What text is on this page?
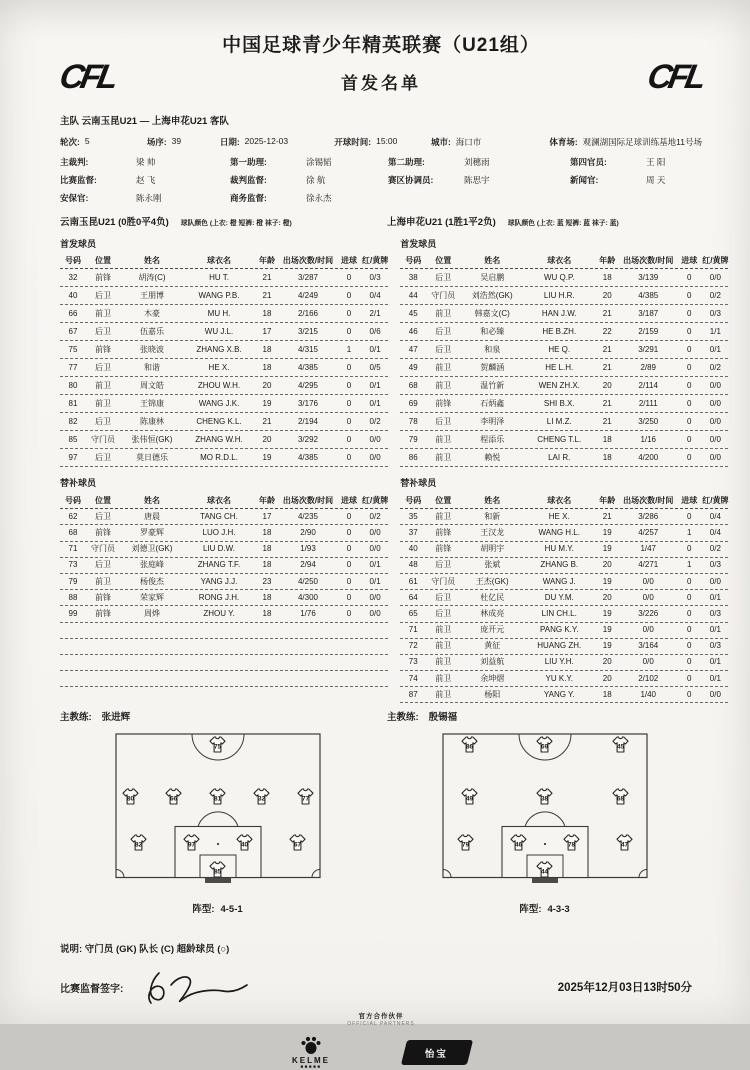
CFL
中国足球青少年精英联赛（U21组）
首发名单	CFL
主队 云南玉昆U21 — 上海申花U21 客队
轮次: 5	场序: 39	日期: 2025-12-03	开球时间: 15:00	城市: 海口市	体育场: 观澜湖国际足球训练基地11号场
主裁判:	梁 帅	第一助理:	涂锡韬	第二助理:	刘穗雨	第四官员:	王 阳
比赛监督:	赵 飞	裁判监督:	徐 航	赛区协调员:	陈思宇	新闻官:	周 天
安保官:	陈永刚	商务监督:	徐永杰
云南玉昆U21 (0胜0平4负) 球队颜色 (上衣: 橙 短裤: 橙 袜子: 橙)	上海申花U21 (1胜1平2负) 球队颜色 (上衣: 蓝 短裤: 蓝 袜子: 蓝)
首发球员
号码	位置	姓名	球衣名	年龄 出场次数/时间 进球 红/黄牌
32	前锋	胡涛(C)	HU T.	21	3/287	0	0/3
40	后卫	王朋博	WANG P.B.	21	4/249	0	0/4
66	前卫	木豪	MU H.	18	2/166	0	2/1
67	后卫	伍嘉乐	WU J.L.	17	3/215	0	0/6
75	前锋	张晓波	ZHANG X.B.	18	4/315	1	0/1
77	后卫	和谐	HE X.	18	4/385	0	0/5
80	前卫	周文皓	ZHOU W.H.	20	4/295	0	0/1
81	前卫	王锦康	WANG J.K.	19	3/176	0	0/1
82	后卫	陈康林	CHENG K.L.	21	2/194	0	0/2
85	守门员	张伟恒(GK)	ZHANG W.H.	20	3/292	0	0/0
97	后卫	莫日德乐	MO R.D.L.	19	4/385	0	0/0
首发球员
号码	位置	姓名	球衣名	年龄 出场次数/时间 进球 红/黄牌
38	后卫	吴启鹏	WU Q.P.	18	3/139	0	0/0
44	守门员	刘浩然(GK)	LIU H.R.	20	4/385	0	0/2
45	前卫	韩嘉文(C)	HAN J.W.	21	3/187	0	0/3
46	后卫	和必臻	HE B.ZH.	22	2/159	0	1/1
47	后卫	和泉	HE Q.	21	3/291	0	0/1
49	前卫	贺麟涵	HE L.H.	21	2/89	0	0/2
68	前卫	温竹新	WEN ZH.X.	20	2/114	0	0/0
69	前锋	石炳鑫	SHI B.X.	21	2/111	0	0/0
78	后卫	李明泽	LI M.Z.	21	3/250	0	0/0
79	前卫	程添乐	CHENG T.L.	18	1/16	0	0/0
86	前卫	赖悦	LAI R.	18	4/200	0	0/0
替补球员
号码	位置	姓名	球衣名	年龄 出场次数/时间 进球 红/黄牌
62	后卫	唐晨	TANG CH.	17	4/235	0	0/2
68	前锋	罗豪辉	LUO J.H.	18	2/90	0	0/0
71	守门员	刘德卫(GK)	LIU D.W.	18	1/93	0	0/0
73	后卫	张庭峰	ZHANG T.F.	18	2/94	0	0/1
79	前卫	杨俊杰	YANG J.J.	23	4/250	0	0/1
88	前锋	荣家辉	RONG J.H.	18	4/300	0	0/0
99	前锋	周烨	ZHOU Y.	18	1/76	0	0/0
替补球员
号码	位置	姓名	球衣名	年龄 出场次数/时间 进球 红/黄牌
35	前卫	和新	HE X.	21	3/286	0	0/4
37	前锋	王汉龙	WANG H.L.	19	4/257	1	0/4
40	前锋	胡明宇	HU M.Y.	19	1/47	0	0/2
48	后卫	张斌	ZHANG B.	20	4/271	1	0/3
61	守门员	王杰(GK)	WANG J.	19	0/0	0	0/0
64	后卫	杜亿民	DU Y.M.	20	0/0	0	0/1
65	后卫	林成亮	LIN CH.L.	19	3/226	0	0/3
71	前卫	庞开元	PANG K.Y.	19	0/0	0	0/1
72	前卫	黄征	HUANG ZH.	19	3/164	0	0/3
73	前卫	刘益航	LIU Y.H.	20	0/0	0	0/1
74	前卫	余坤熠	YU K.Y.	20	2/102	0	0/1
87	前卫	杨阳	YANG Y.	18	1/40	0	0/0
主教练: 张进辉	主教练: 殷锡福
75
80	66	81	32	77
82	97	40	67
85
阵型: 4-5-1
86	69	45
49	38	68
79	46	78	47
44
阵型: 4-3-3
说明: 守门员 (GK) 队长 (C) 超龄球员 (○)
比赛监督签字:	2025年12月03日13时50分
官方合作伙伴
OFFICIAL PARTNERS
KELME
■■■■■
怡宝
